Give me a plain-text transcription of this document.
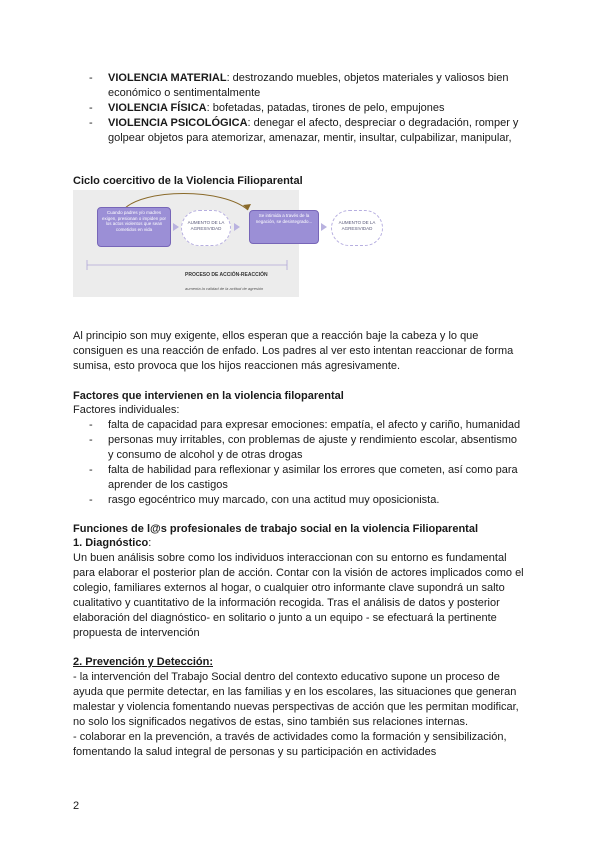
- VIOLENCIA MATERIAL: destrozando muebles, objetos materiales y valiosos bien
económico o sentimentalmente
- VIOLENCIA FÍSICA: bofetadas, patadas, tirones de pelo, empujones
- VIOLENCIA PSICOLÓGICA: denegar el afecto, despreciar o degradación, romper y
golpear objetos para atemorizar, amenazar, mentir, insultar, culpabilizar, manipular,
Ciclo coercitivo de la Violencia Filioparental
Cuando padres y/o madres exigen, presionan o impiden por los actos violentos que sean cometidos en vida
AUMENTO DE LA AGRESIVIDAD
Se intimida a través de la negación, se desintegrado...	AUMENTO DE LA AGRESIVIDAD
PROCESO DE ACCIÓN-REACCIÓN
aumenta la calidad de la actitud de agresión
Al principio son muy exigente, ellos esperan que a reacción baje la cabeza y lo que
consiguen es una reacción de enfado. Los padres al ver esto intentan reaccionar de forma
sumisa, esto provoca que los hijos reaccionen más agresivamente.
Factores que intervienen en la violencia filoparental
Factores individuales:
- falta de capacidad para expresar emociones: empatía, el afecto y cariño, humanidad
- personas muy irritables, con problemas de ajuste y rendimiento escolar, absentismo
y consumo de alcohol y de otras drogas
- falta de habilidad para reflexionar y asimilar los errores que cometen, así como para
aprender de los castigos
- rasgo egocéntrico muy marcado, con una actitud muy oposicionista.
Funciones de l@s profesionales de trabajo social en la violencia Filioparental
1. Diagnóstico:
Un buen análisis sobre como los individuos interaccionan con su entorno es fundamental
para elaborar el posterior plan de acción. Contar con la visión de actores implicados como el
colegio, familiares externos al hogar, o cualquier otro informante clave supondrá un salto
cualitativo y cuantitativo de la información recogida. Tras el análisis de datos y posterior
elaboración del diagnóstico- en solitario o junto a un equipo - se efectuará la pertinente
propuesta de intervención
2. Prevención y Detección:
- la intervención del Trabajo Social dentro del contexto educativo supone un proceso de
ayuda que permite detectar, en las familias y en los escolares, las situaciones que generan
malestar y violencia fomentando nuevas perspectivas de acción que les permitan modificar,
no solo los significados negativos de estas, sino también sus relaciones internas.
- colaborar en la prevención, a través de actividades como la formación y sensibilización,
fomentando la salud integral de personas y su participación en actividades
2
